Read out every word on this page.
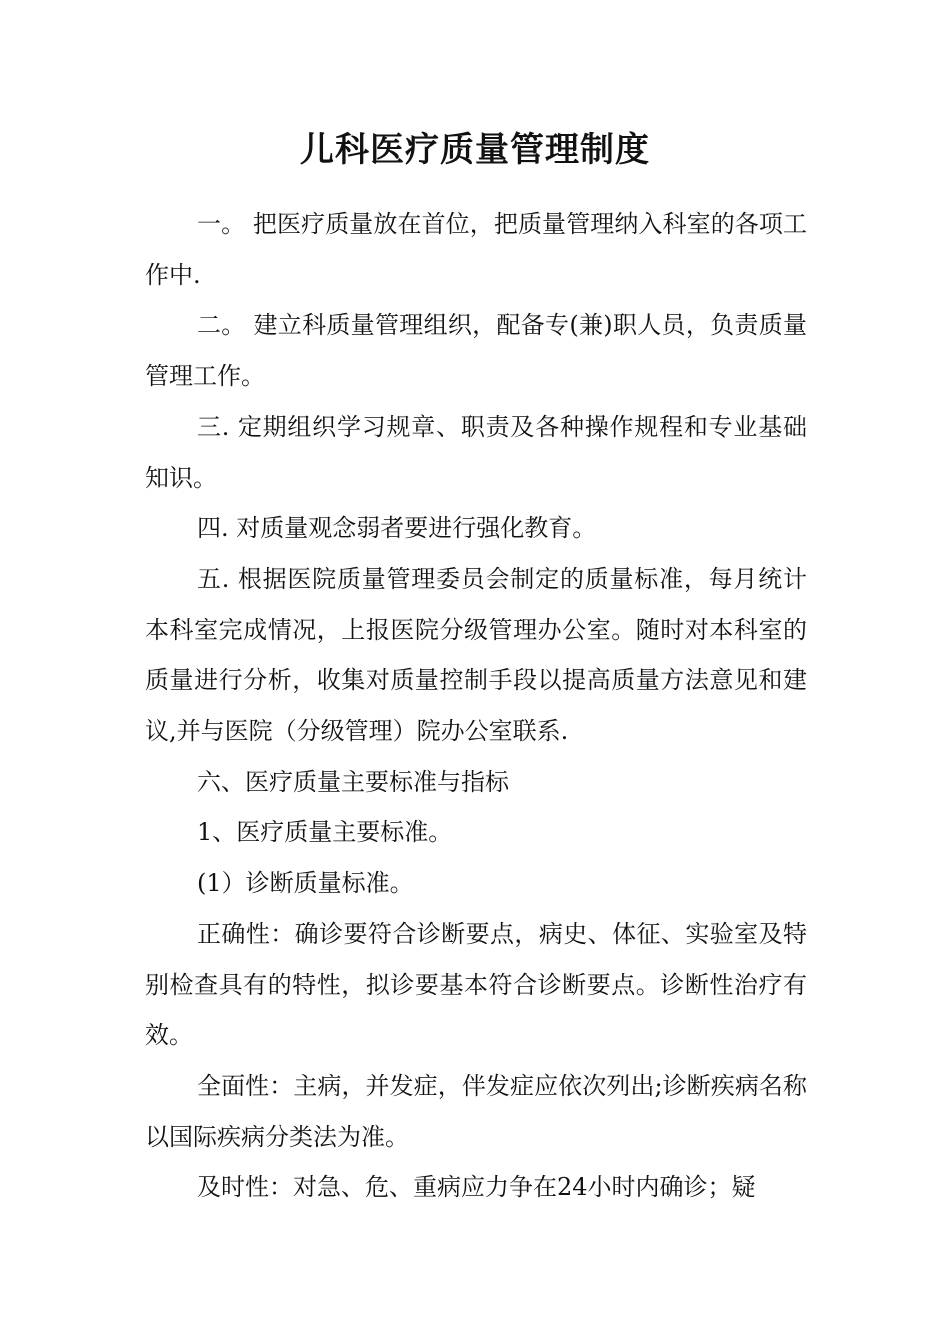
儿科医疗质量管理制度

一。 把医疗质量放在首位，把质量管理纳入科室的各项工作中.

二。 建立科质量管理组织，配备专(兼)职人员，负责质量管理工作。

三. 定期组织学习规章、职责及各种操作规程和专业基础知识。

四. 对质量观念弱者要进行强化教育。

五. 根据医院质量管理委员会制定的质量标准，每月统计本科室完成情况，上报医院分级管理办公室。随时对本科室的质量进行分析，收集对质量控制手段以提高质量方法意见和建议,并与医院（分级管理）院办公室联系.

六、医疗质量主要标准与指标

1、医疗质量主要标准。

(1）诊断质量标准。

正确性：确诊要符合诊断要点，病史、体征、实验室及特别检查具有的特性，拟诊要基本符合诊断要点。诊断性治疗有效。

全面性：主病，并发症，伴发症应依次列出;诊断疾病名称以国际疾病分类法为准。

及时性：对急、危、重病应力争在24小时内确诊；疑
